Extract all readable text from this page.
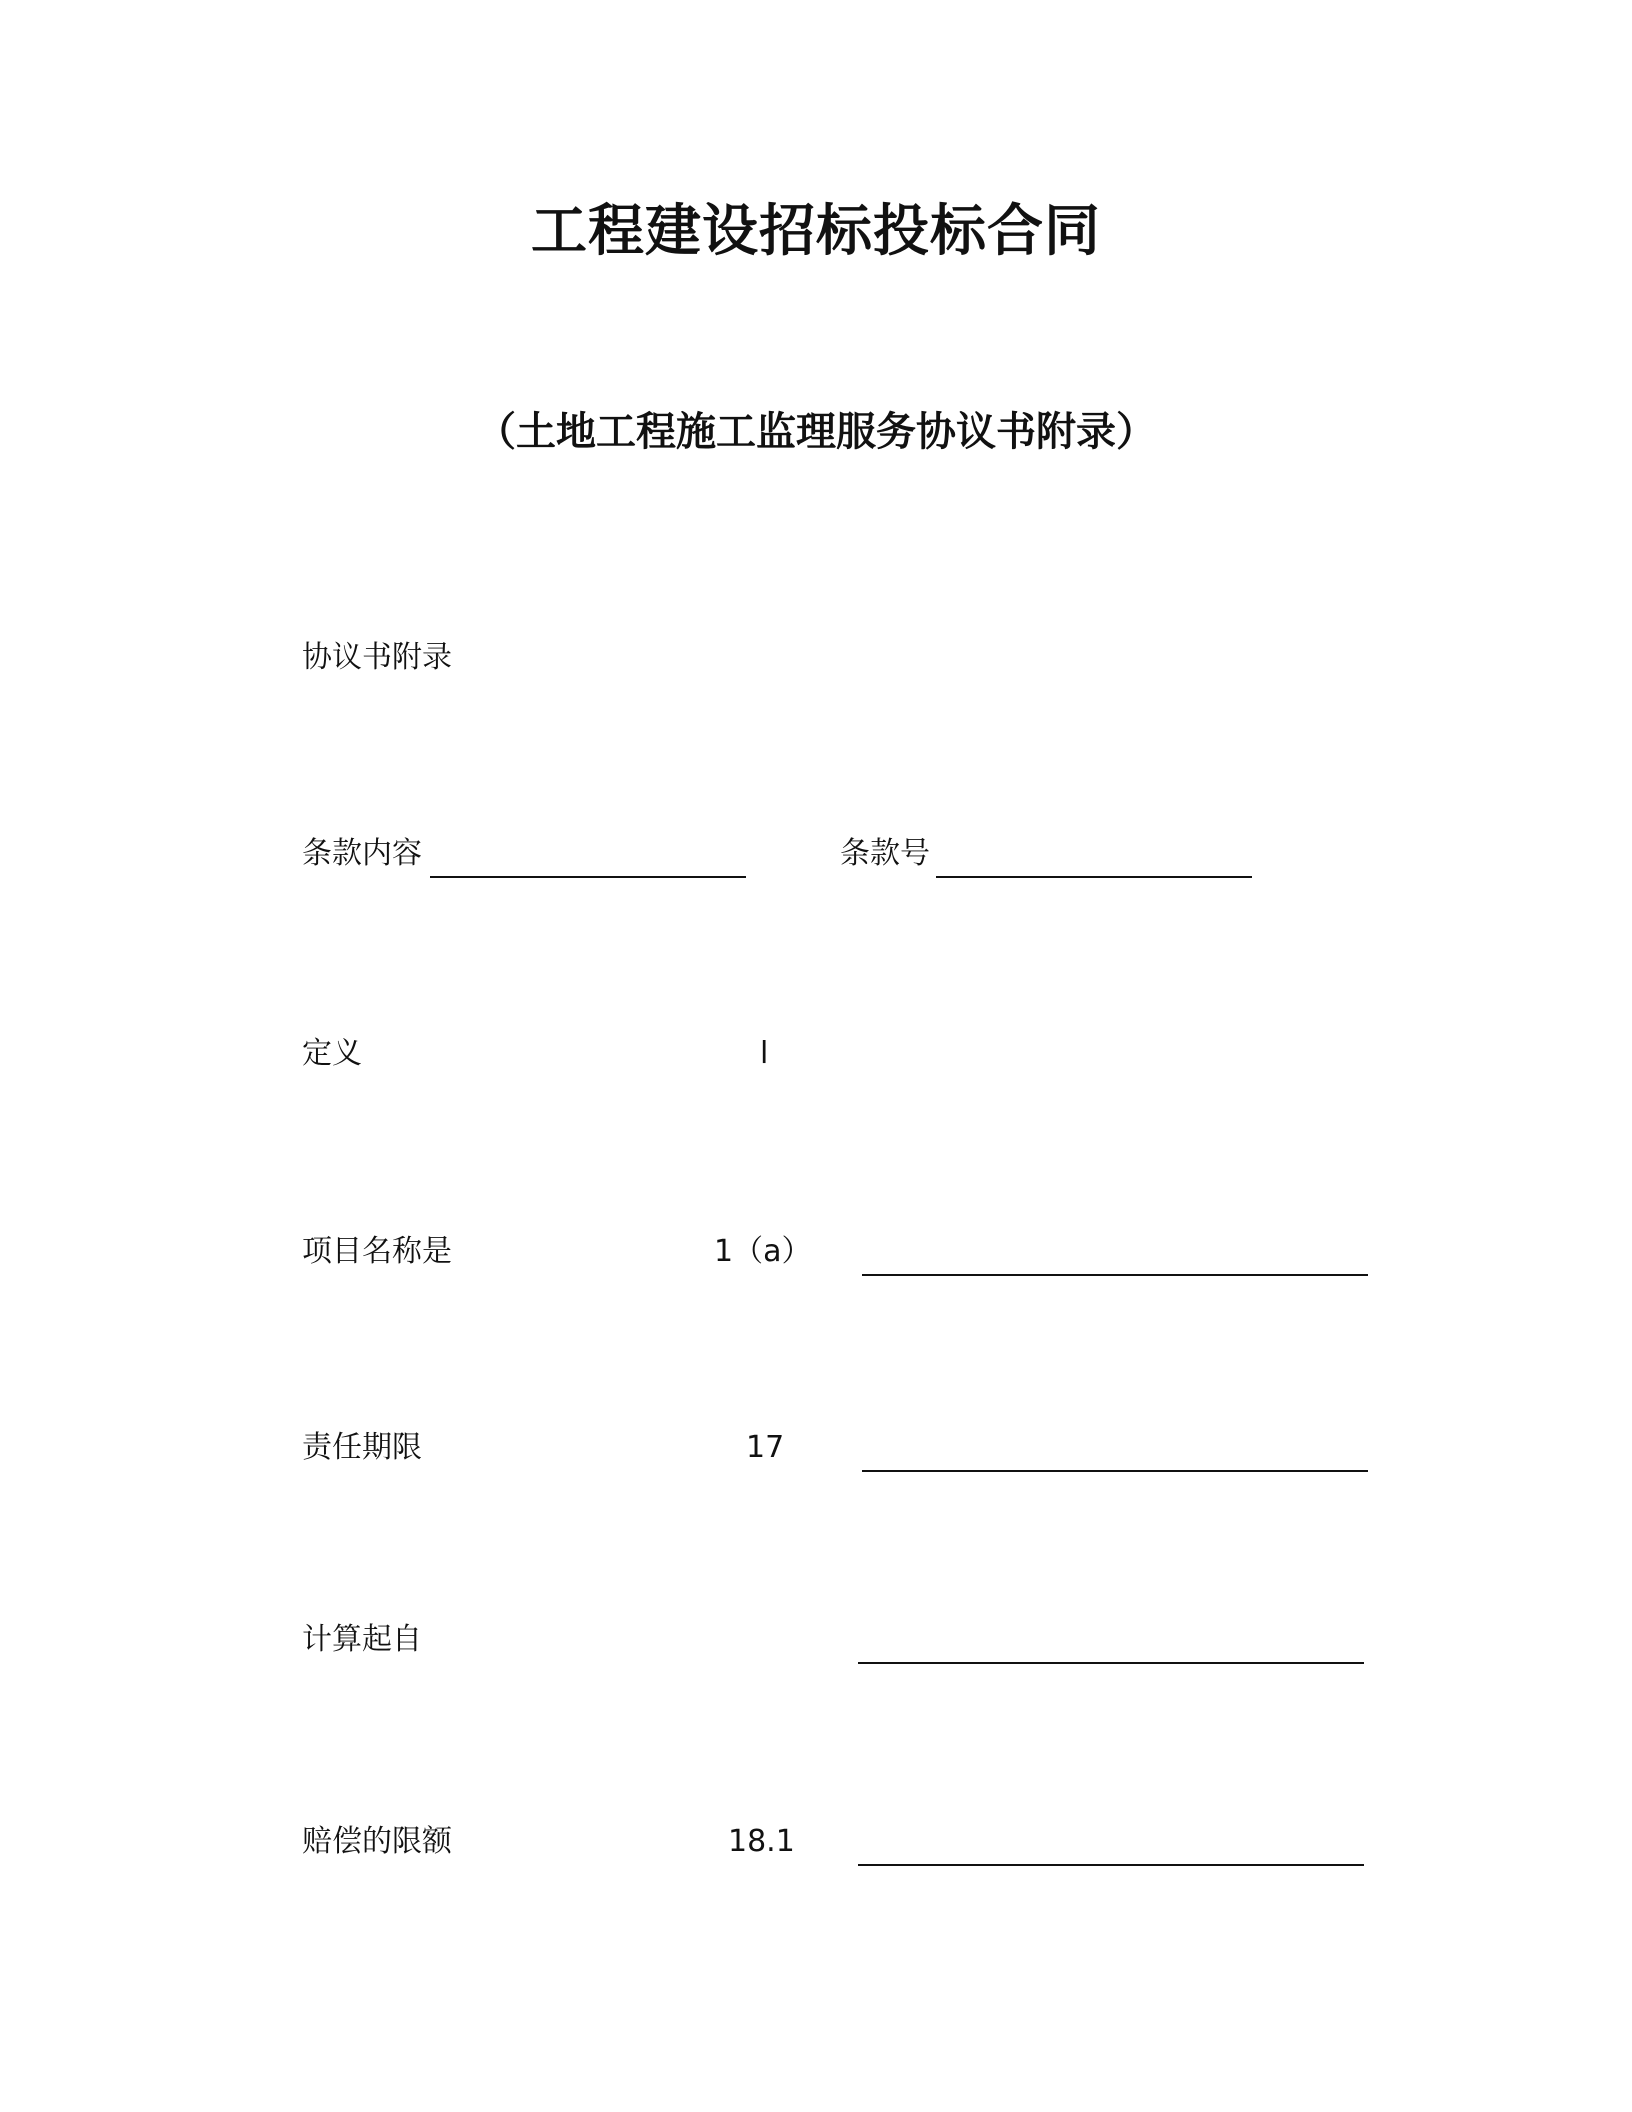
工程建设招标投标合同
（土地工程施工监理服务协议书附录）
协议书附录
条款内容	条款号
定义	l
项目名称是	1（a）
责任期限	17
计算起自
赔偿的限额	18.1
